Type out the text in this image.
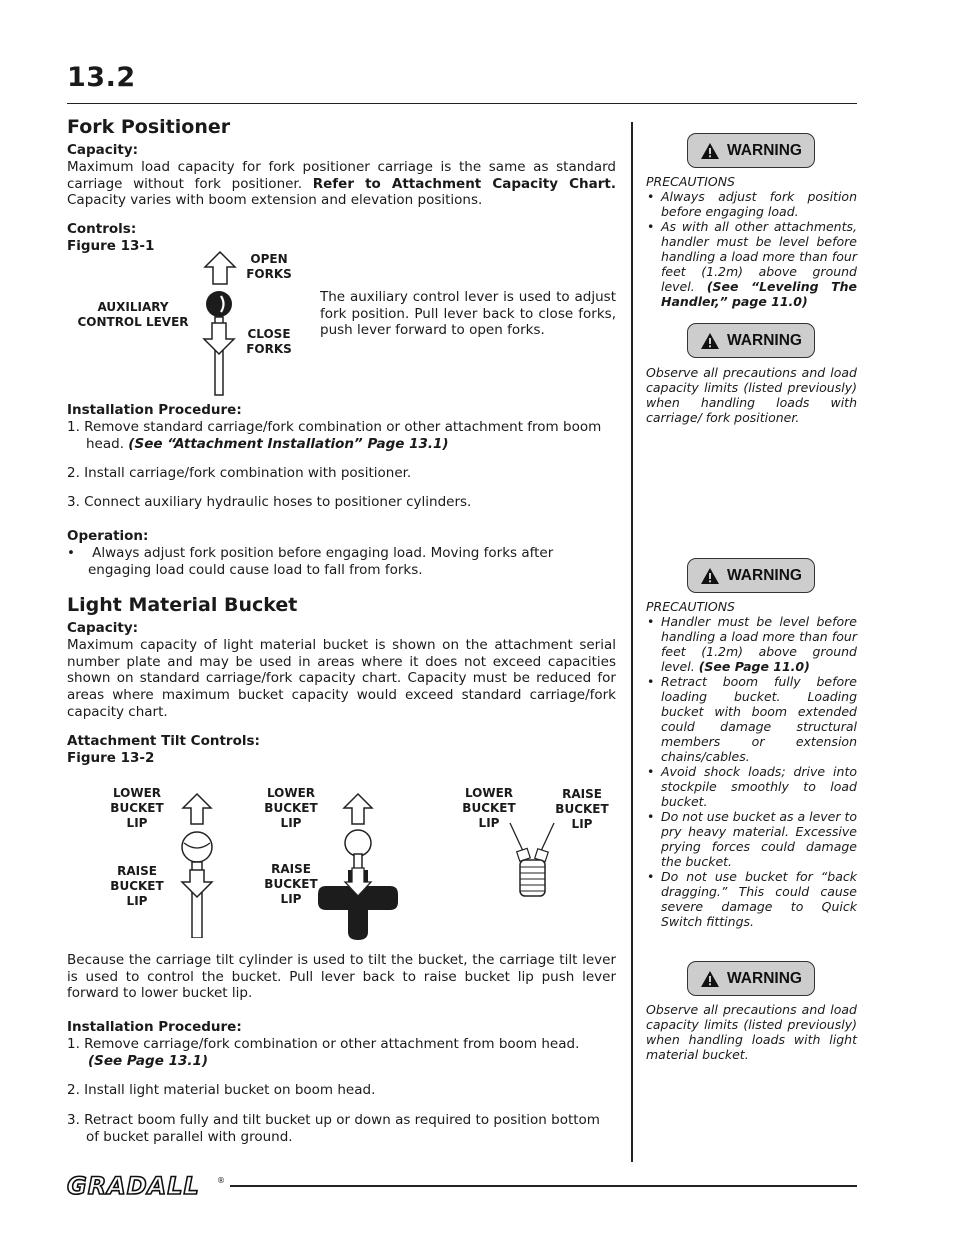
13.2
Fork Positioner
Capacity:
Maximum load capacity for fork positioner carriage is the same as standard carriage without fork positioner. Refer to Attachment Capacity Chart. Capacity varies with boom extension and elevation positions.
Controls:
Figure 13-1
OPEN
FORKS
CLOSE
FORKS
AUXILIARY
CONTROL LEVER
The auxiliary control lever is used to adjust fork position. Pull lever back to close forks, push lever forward to open forks.
Installation Procedure:
1. Remove standard carriage/fork combination or other attachment from boom head. (See “Attachment Installation” Page 13.1)
2. Install carriage/fork combination with positioner.
3. Connect auxiliary hydraulic hoses to positioner cylinders.
Operation:
•    Always adjust fork position before engaging load. Moving forks after engaging load could cause load to fall from forks.
Light Material Bucket
Capacity:
Maximum capacity of light material bucket is shown on the attachment serial number plate and may be used in areas where it does not exceed capacities shown on standard carriage/fork capacity chart. Capacity must be reduced for areas where maximum bucket capacity would exceed standard carriage/fork capacity chart.
Attachment Tilt Controls:
Figure 13-2
LOWER
BUCKET
LIP
RAISE
BUCKET
LIP
LOWER
BUCKET
LIP
RAISE
BUCKET
LIP
LOWER
BUCKET
LIP
RAISE
BUCKET
LIP
Because the carriage tilt cylinder is used to tilt the bucket, the carriage tilt lever is used to control the bucket. Pull lever back to raise bucket lip push lever forward to lower bucket lip.
Installation Procedure:
1. Remove carriage/fork combination or other attachment from boom head.
(See Page 13.1)
2. Install light material bucket on boom head.
3. Retract boom fully and tilt bucket up or down as required to position bottom of bucket parallel with ground.
WARNING
PRECAUTIONS
• Always adjust fork position before engaging load.
• As with all other attachments, handler must be level before handling a load more than four feet (1.2m) above ground level. (See “Leveling The Handler,” page 11.0)
WARNING

Observe all precautions and load capacity limits (listed previously) when handling loads with carriage/ fork positioner.

WARNING
PRECAUTIONS
• Handler must be level before handling a load more than four feet (1.2m) above ground level. (See Page 11.0)
• Retract boom fully before loading bucket. Loading bucket with boom extended could damage structural members or extension chains/cables.
• Avoid shock loads; drive into stockpile smoothly to load bucket.
• Do not use bucket as a lever to pry heavy material. Excessive prying forces could damage the bucket.
• Do not use bucket for “back dragging.” This could cause severe damage to Quick Switch fittings.
WARNING

Observe all precautions and load capacity limits (listed previously) when handling loads with light material bucket.

GRADALL ®
